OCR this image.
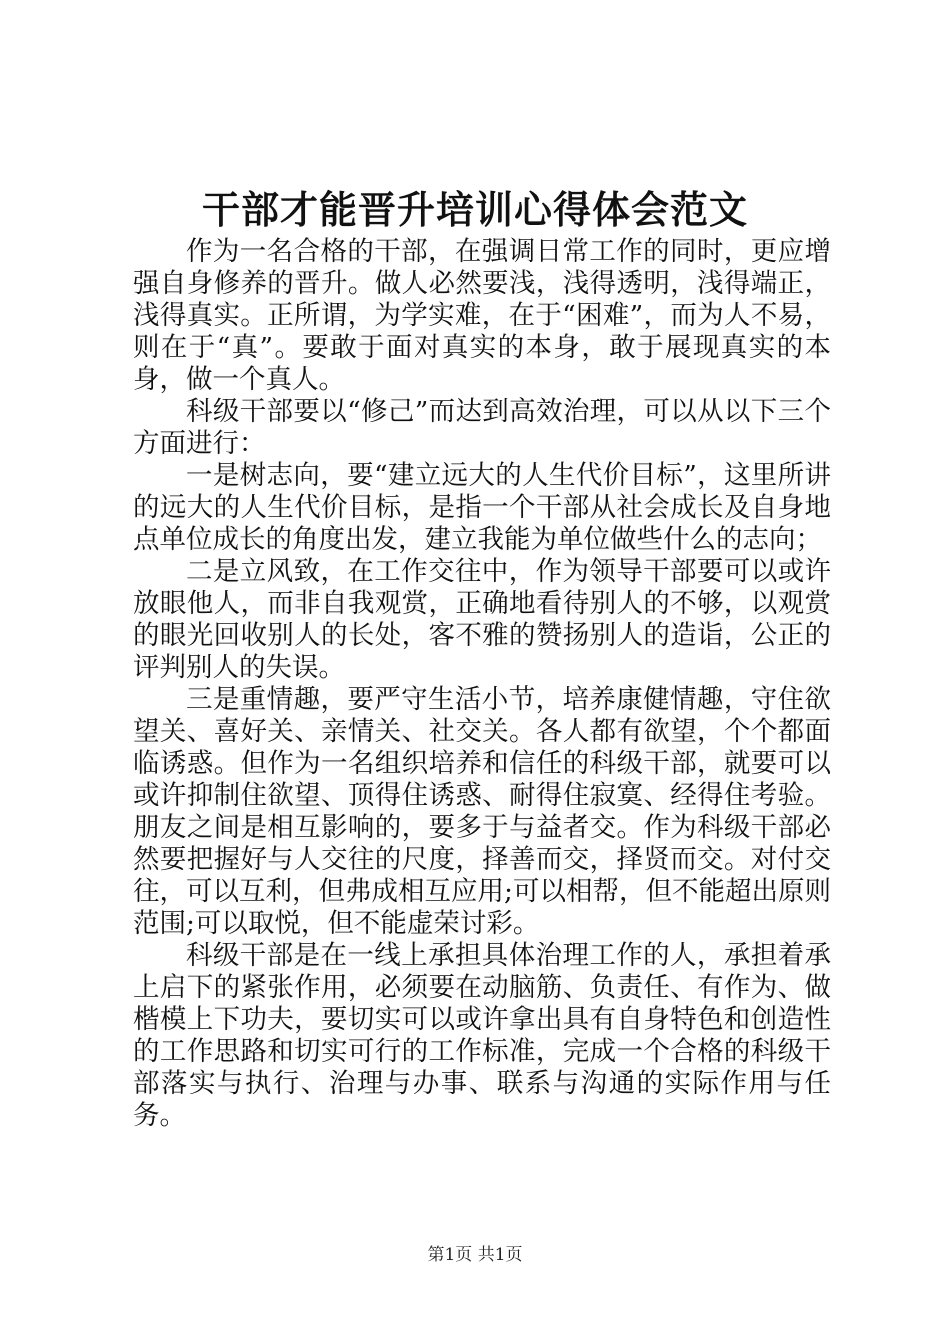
干部才能晋升培训心得体会范文

作为一名合格的干部，在强调日常工作的同时，更应增强自身修养的晋升。做人必然要浅，浅得透明，浅得端正，浅得真实。正所谓，为学实难，在于“困难”，而为人不易，则在于“真”。要敢于面对真实的本身，敢于展现真实的本身，做一个真人。

科级干部要以“修己”而达到高效治理，可以从以下三个方面进行：

一是树志向，要“建立远大的人生代价目标”，这里所讲的远大的人生代价目标，是指一个干部从社会成长及自身地点单位成长的角度出发，建立我能为单位做些什么的志向；

二是立风致，在工作交往中，作为领导干部要可以或许放眼他人，而非自我观赏，正确地看待别人的不够，以观赏的眼光回收别人的长处，客不雅的赞扬别人的造诣，公正的评判别人的失误。

三是重情趣，要严守生活小节，培养康健情趣，守住欲望关、喜好关、亲情关、社交关。各人都有欲望，个个都面临诱惑。但作为一名组织培养和信任的科级干部，就要可以或许抑制住欲望、顶得住诱惑、耐得住寂寞、经得住考验。朋友之间是相互影响的，要多于与益者交。作为科级干部必然要把握好与人交往的尺度，择善而交，择贤而交。对付交往，可以互利，但弗成相互应用;可以相帮，但不能超出原则范围;可以取悦，但不能虚荣讨彩。

科级干部是在一线上承担具体治理工作的人，承担着承上启下的紧张作用，必须要在动脑筋、负责任、有作为、做楷模上下功夫，要切实可以或许拿出具有自身特色和创造性的工作思路和切实可行的工作标准，完成一个合格的科级干部落实与执行、治理与办事、联系与沟通的实际作用与任务。

第1页 共1页
